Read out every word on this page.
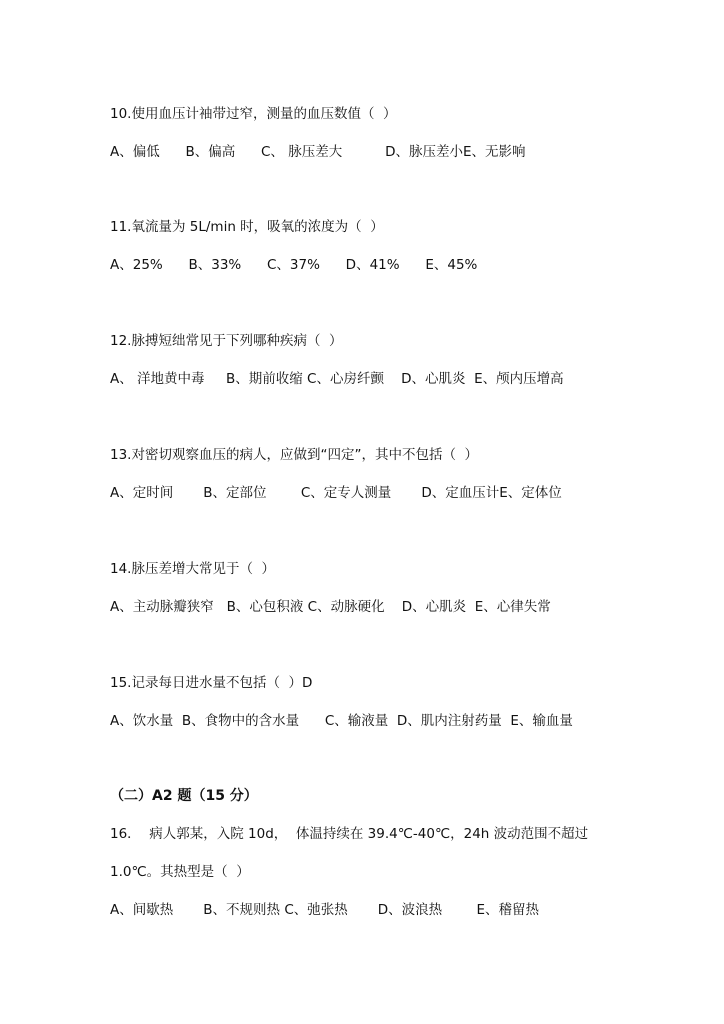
10.使用血压计袖带过窄，测量的血压数值（  ）
A、偏低      B、偏高      C、 脉压差大          D、脉压差小E、无影响
11.氧流量为 5L/min 时，吸氧的浓度为（  ）
A、25%      B、33%      C、37%      D、41%      E、45%
12.脉搏短绌常见于下列哪种疾病（  ）
A、 洋地黄中毒     B、期前收缩 C、心房纤颤    D、心肌炎  E、颅内压增高
13.对密切观察血压的病人，应做到“四定”，其中不包括（  ）
A、定时间       B、定部位        C、定专人测量       D、定血压计E、定体位
14.脉压差增大常见于（  ）
A、主动脉瓣狭窄   B、心包积液 C、动脉硬化    D、心肌炎  E、心律失常
15.记录每日进水量不包括（  ）D
A、饮水量  B、食物中的含水量      C、输液量  D、肌内注射药量  E、输血量
（二）A2 题（15 分）
16．  病人郭某，入院 10d，  体温持续在 39.4℃-40℃，24h 波动范围不超过
1.0℃。其热型是（  ）
A、间歇热       B、不规则热 C、弛张热       D、波浪热        E、稽留热
